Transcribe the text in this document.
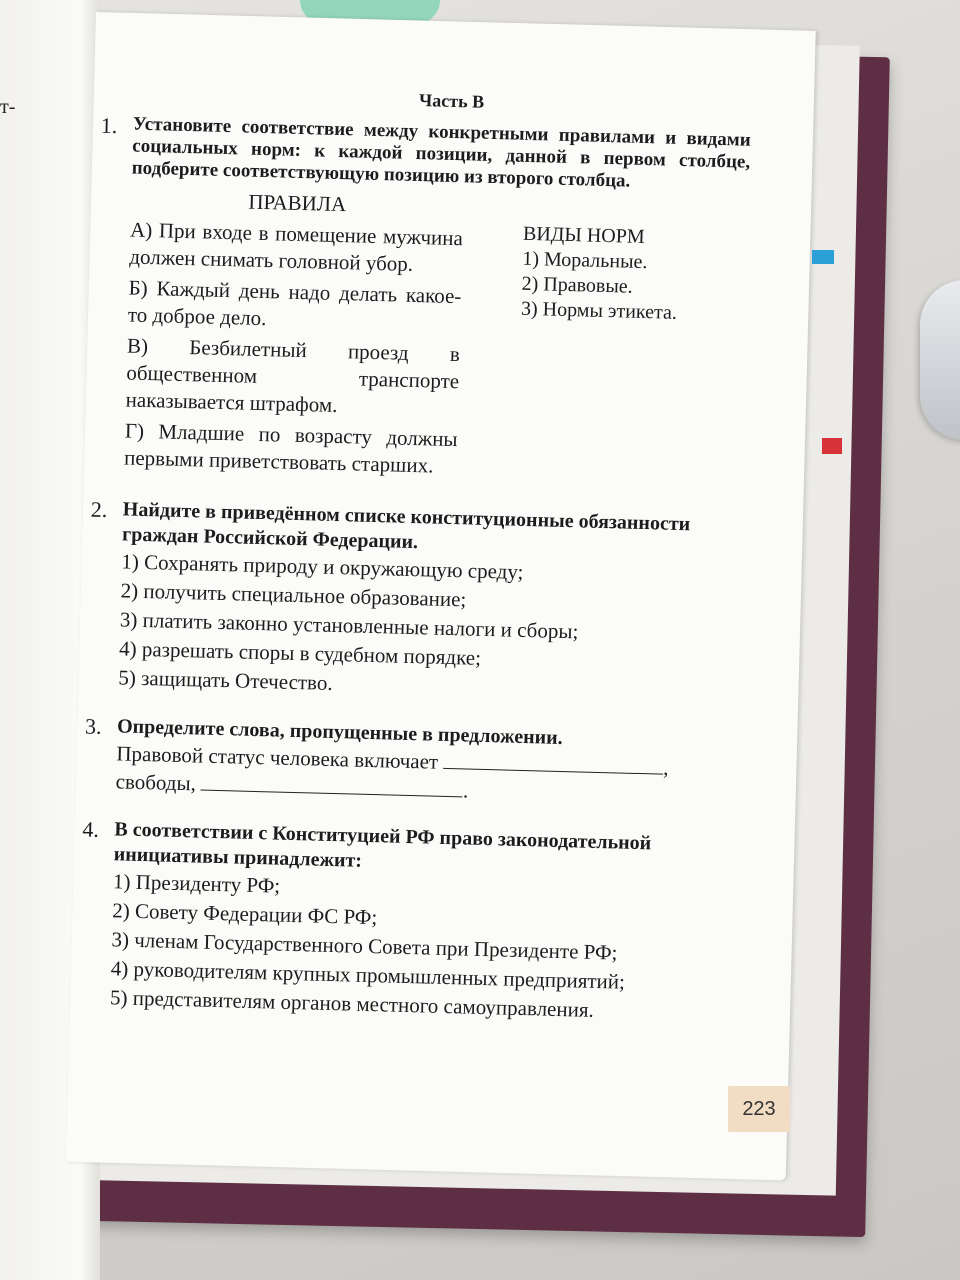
т-	Часть В
1. Установите соответствие между конкретными правилами и видами социальных норм: к каждой позиции, данной в первом столбце, подберите соответствующую позицию из второго столбца.
ПРАВИЛА
А) При входе в помещение мужчина должен снимать головной убор.
Б) Каждый день надо делать какое-то доброе дело.
В) Безбилетный проезд в общественном транспорте наказывается штрафом.
Г) Младшие по возрасту должны первыми приветствовать старших.
ВИДЫ НОРМ
1) Моральные.
2) Правовые.
3) Нормы этикета.
2. Найдите в приведённом списке конституционные обязанности граждан Российской Федерации.
1) Сохранять природу и окружающую среду;
2) получить специальное образование;
3) платить законно установленные налоги и сборы;
4) разрешать споры в судебном порядке;
5) защищать Отечество.
3. Определите слова, пропущенные в предложении.
Правовой статус человека включает	,
свободы,	.
4. В соответствии с Конституцией РФ право законодательной инициативы принадлежит:
1) Президенту РФ;
2) Совету Федерации ФС РФ;
3) членам Государственного Совета при Президенте РФ;
4) руководителям крупных промышленных предприятий;
5) представителям органов местного самоуправления.
223
